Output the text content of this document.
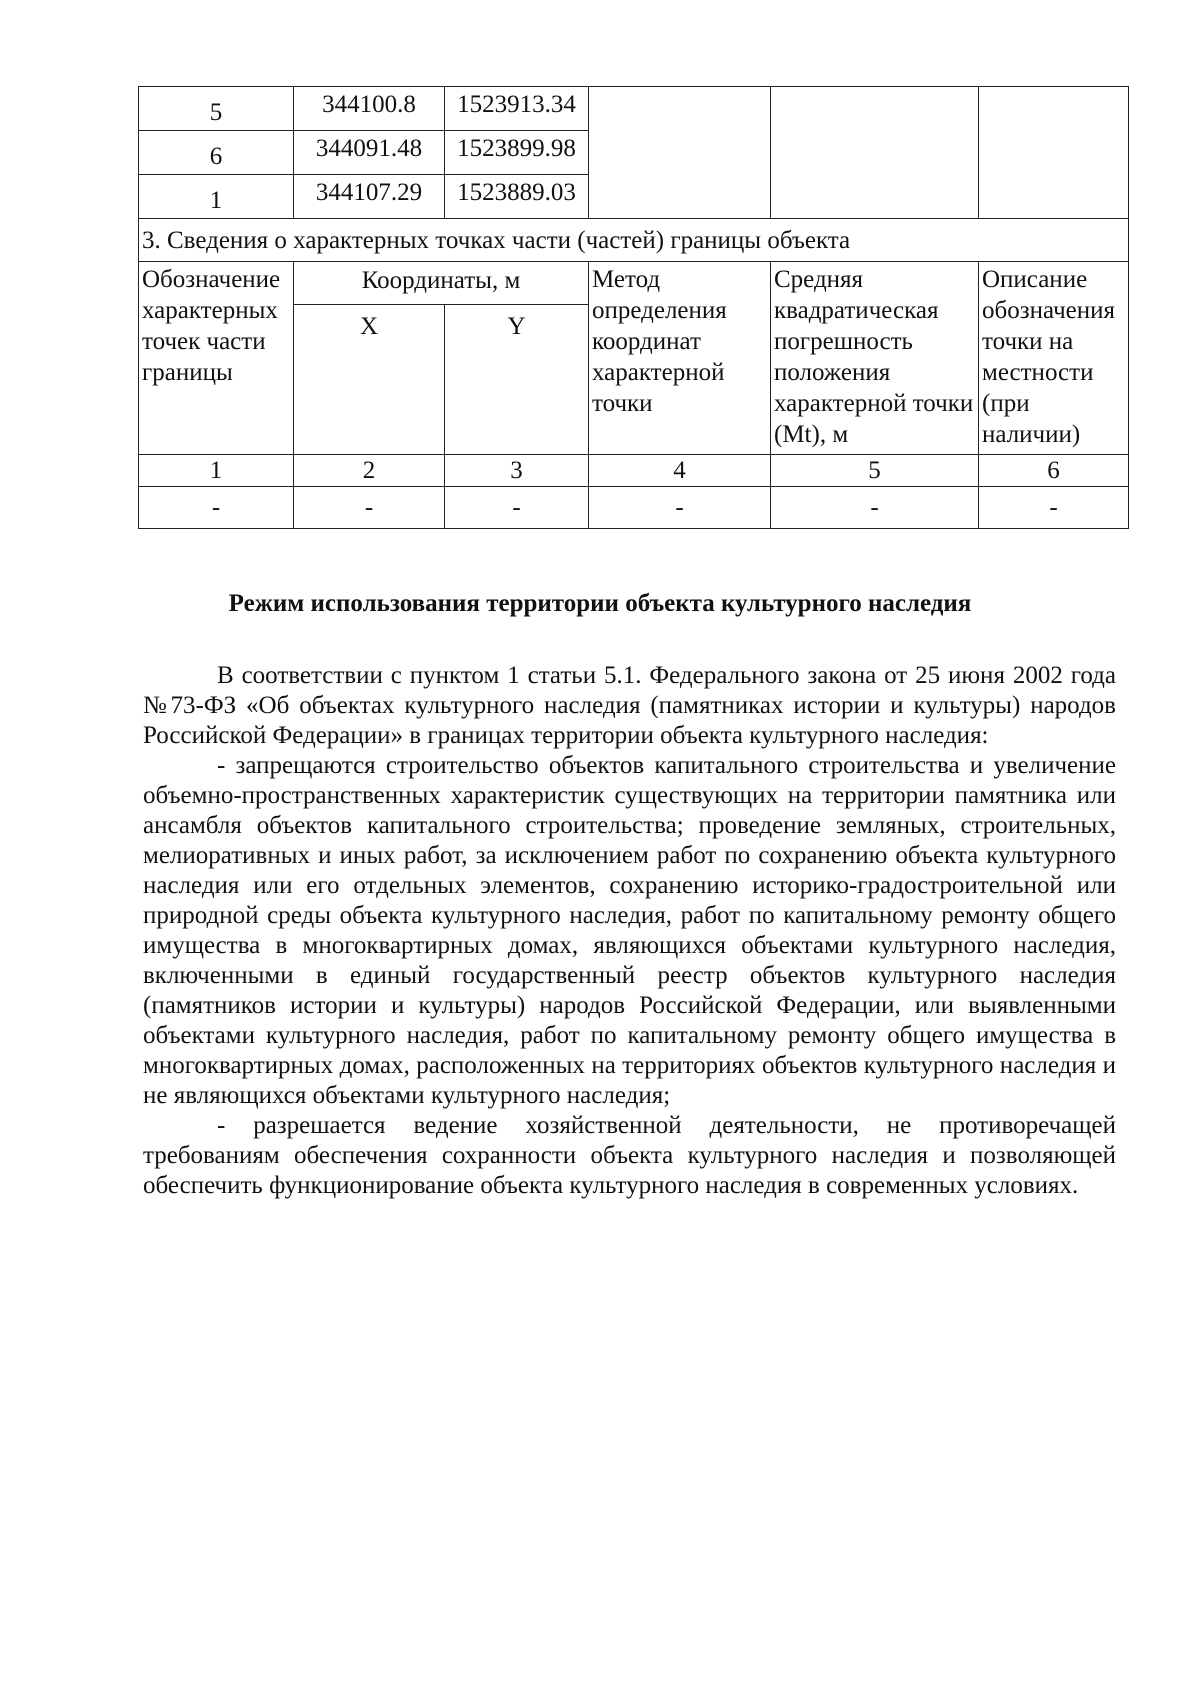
5	344100.8	1523913.34			
6	344091.48	1523899.98			
1	344107.29	1523889.03			
3. Сведения о характерных точках части (частей) границы объекта					
Обозначение характерных точек части границы	Координаты, м		Метод определения координат характерной точки	Средняя квадратическая погрешность положения характерной точки (Mt), м	Описание обозначения точки на местности (при наличии)
	X	Y			
1	2	3	4	5	6
-	-	-	-	-	-
Режим использования территории объекта культурного наследия

В соответствии с пунктом 1 статьи 5.1. Федерального закона от 25 июня 2002 года №73-ФЗ «Об объектах культурного наследия (памятниках истории и культуры) народов Российской Федерации» в границах территории объекта культурного наследия:

- запрещаются строительство объектов капитального строительства и увеличение объемно-пространственных характеристик существующих на территории памятника или ансамбля объектов капитального строительства; проведение земляных, строительных, мелиоративных и иных работ, за исключением работ по сохранению объекта культурного наследия или его отдельных элементов, сохранению историко-градостроительной или природной среды объекта культурного наследия, работ по капитальному ремонту общего имущества в многоквартирных домах, являющихся объектами культурного наследия, включенными в единый государственный реестр объектов культурного наследия (памятников истории и культуры) народов Российской Федерации, или выявленными объектами культурного наследия, работ по капитальному ремонту общего имущества в многоквартирных домах, расположенных на территориях объектов культурного наследия и не являющихся объектами культурного наследия;

- разрешается ведение хозяйственной деятельности, не противоречащей требованиям обеспечения сохранности объекта культурного наследия и позволяющей обеспечить функционирование объекта культурного наследия в современных условиях.
